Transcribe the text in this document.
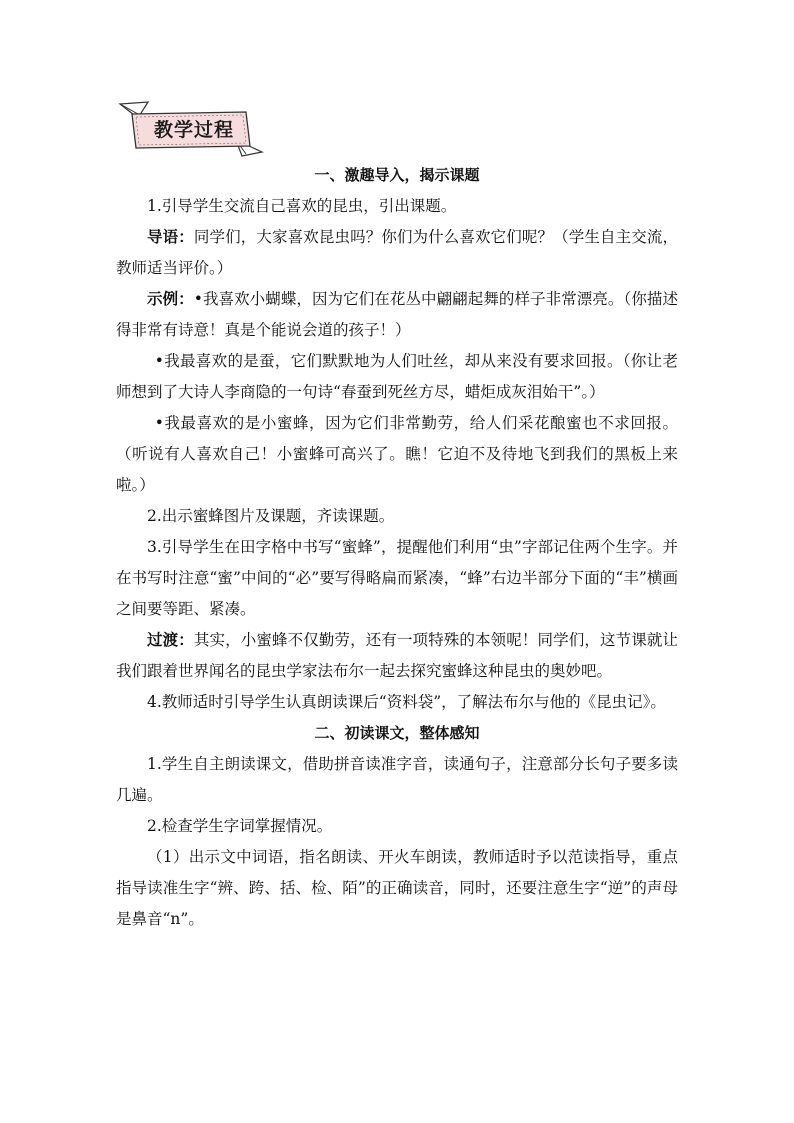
教学过程
一、激趣导入，揭示课题

1.引导学生交流自己喜欢的昆虫，引出课题。

导语：同学们，大家喜欢昆虫吗？你们为什么喜欢它们呢？（学生自主交流，教师适当评价。）

示例：•我喜欢小蝴蝶，因为它们在花丛中翩翩起舞的样子非常漂亮。（你描述得非常有诗意！真是个能说会道的孩子！）

•我最喜欢的是蚕，它们默默地为人们吐丝，却从来没有要求回报。（你让老师想到了大诗人李商隐的一句诗“春蚕到死丝方尽，蜡炬成灰泪始干”。）

•我最喜欢的是小蜜蜂，因为它们非常勤劳，给人们采花酿蜜也不求回报。（听说有人喜欢自己！小蜜蜂可高兴了。瞧！它迫不及待地飞到我们的黑板上来啦。）

2.出示蜜蜂图片及课题，齐读课题。

3.引导学生在田字格中书写“蜜蜂”，提醒他们利用“虫”字部记住两个生字。并在书写时注意“蜜”中间的“必”要写得略扁而紧凑，“蜂”右边半部分下面的“丰”横画之间要等距、紧凑。

过渡：其实，小蜜蜂不仅勤劳，还有一项特殊的本领呢！同学们，这节课就让我们跟着世界闻名的昆虫学家法布尔一起去探究蜜蜂这种昆虫的奥妙吧。

4.教师适时引导学生认真朗读课后“资料袋”，了解法布尔与他的《昆虫记》。

二、初读课文，整体感知

1.学生自主朗读课文，借助拼音读准字音，读通句子，注意部分长句子要多读几遍。

2.检查学生字词掌握情况。

（1）出示文中词语，指名朗读、开火车朗读，教师适时予以范读指导，重点指导读准生字“辨、跨、括、检、陌”的正确读音，同时，还要注意生字“逆”的声母是鼻音“n”。
